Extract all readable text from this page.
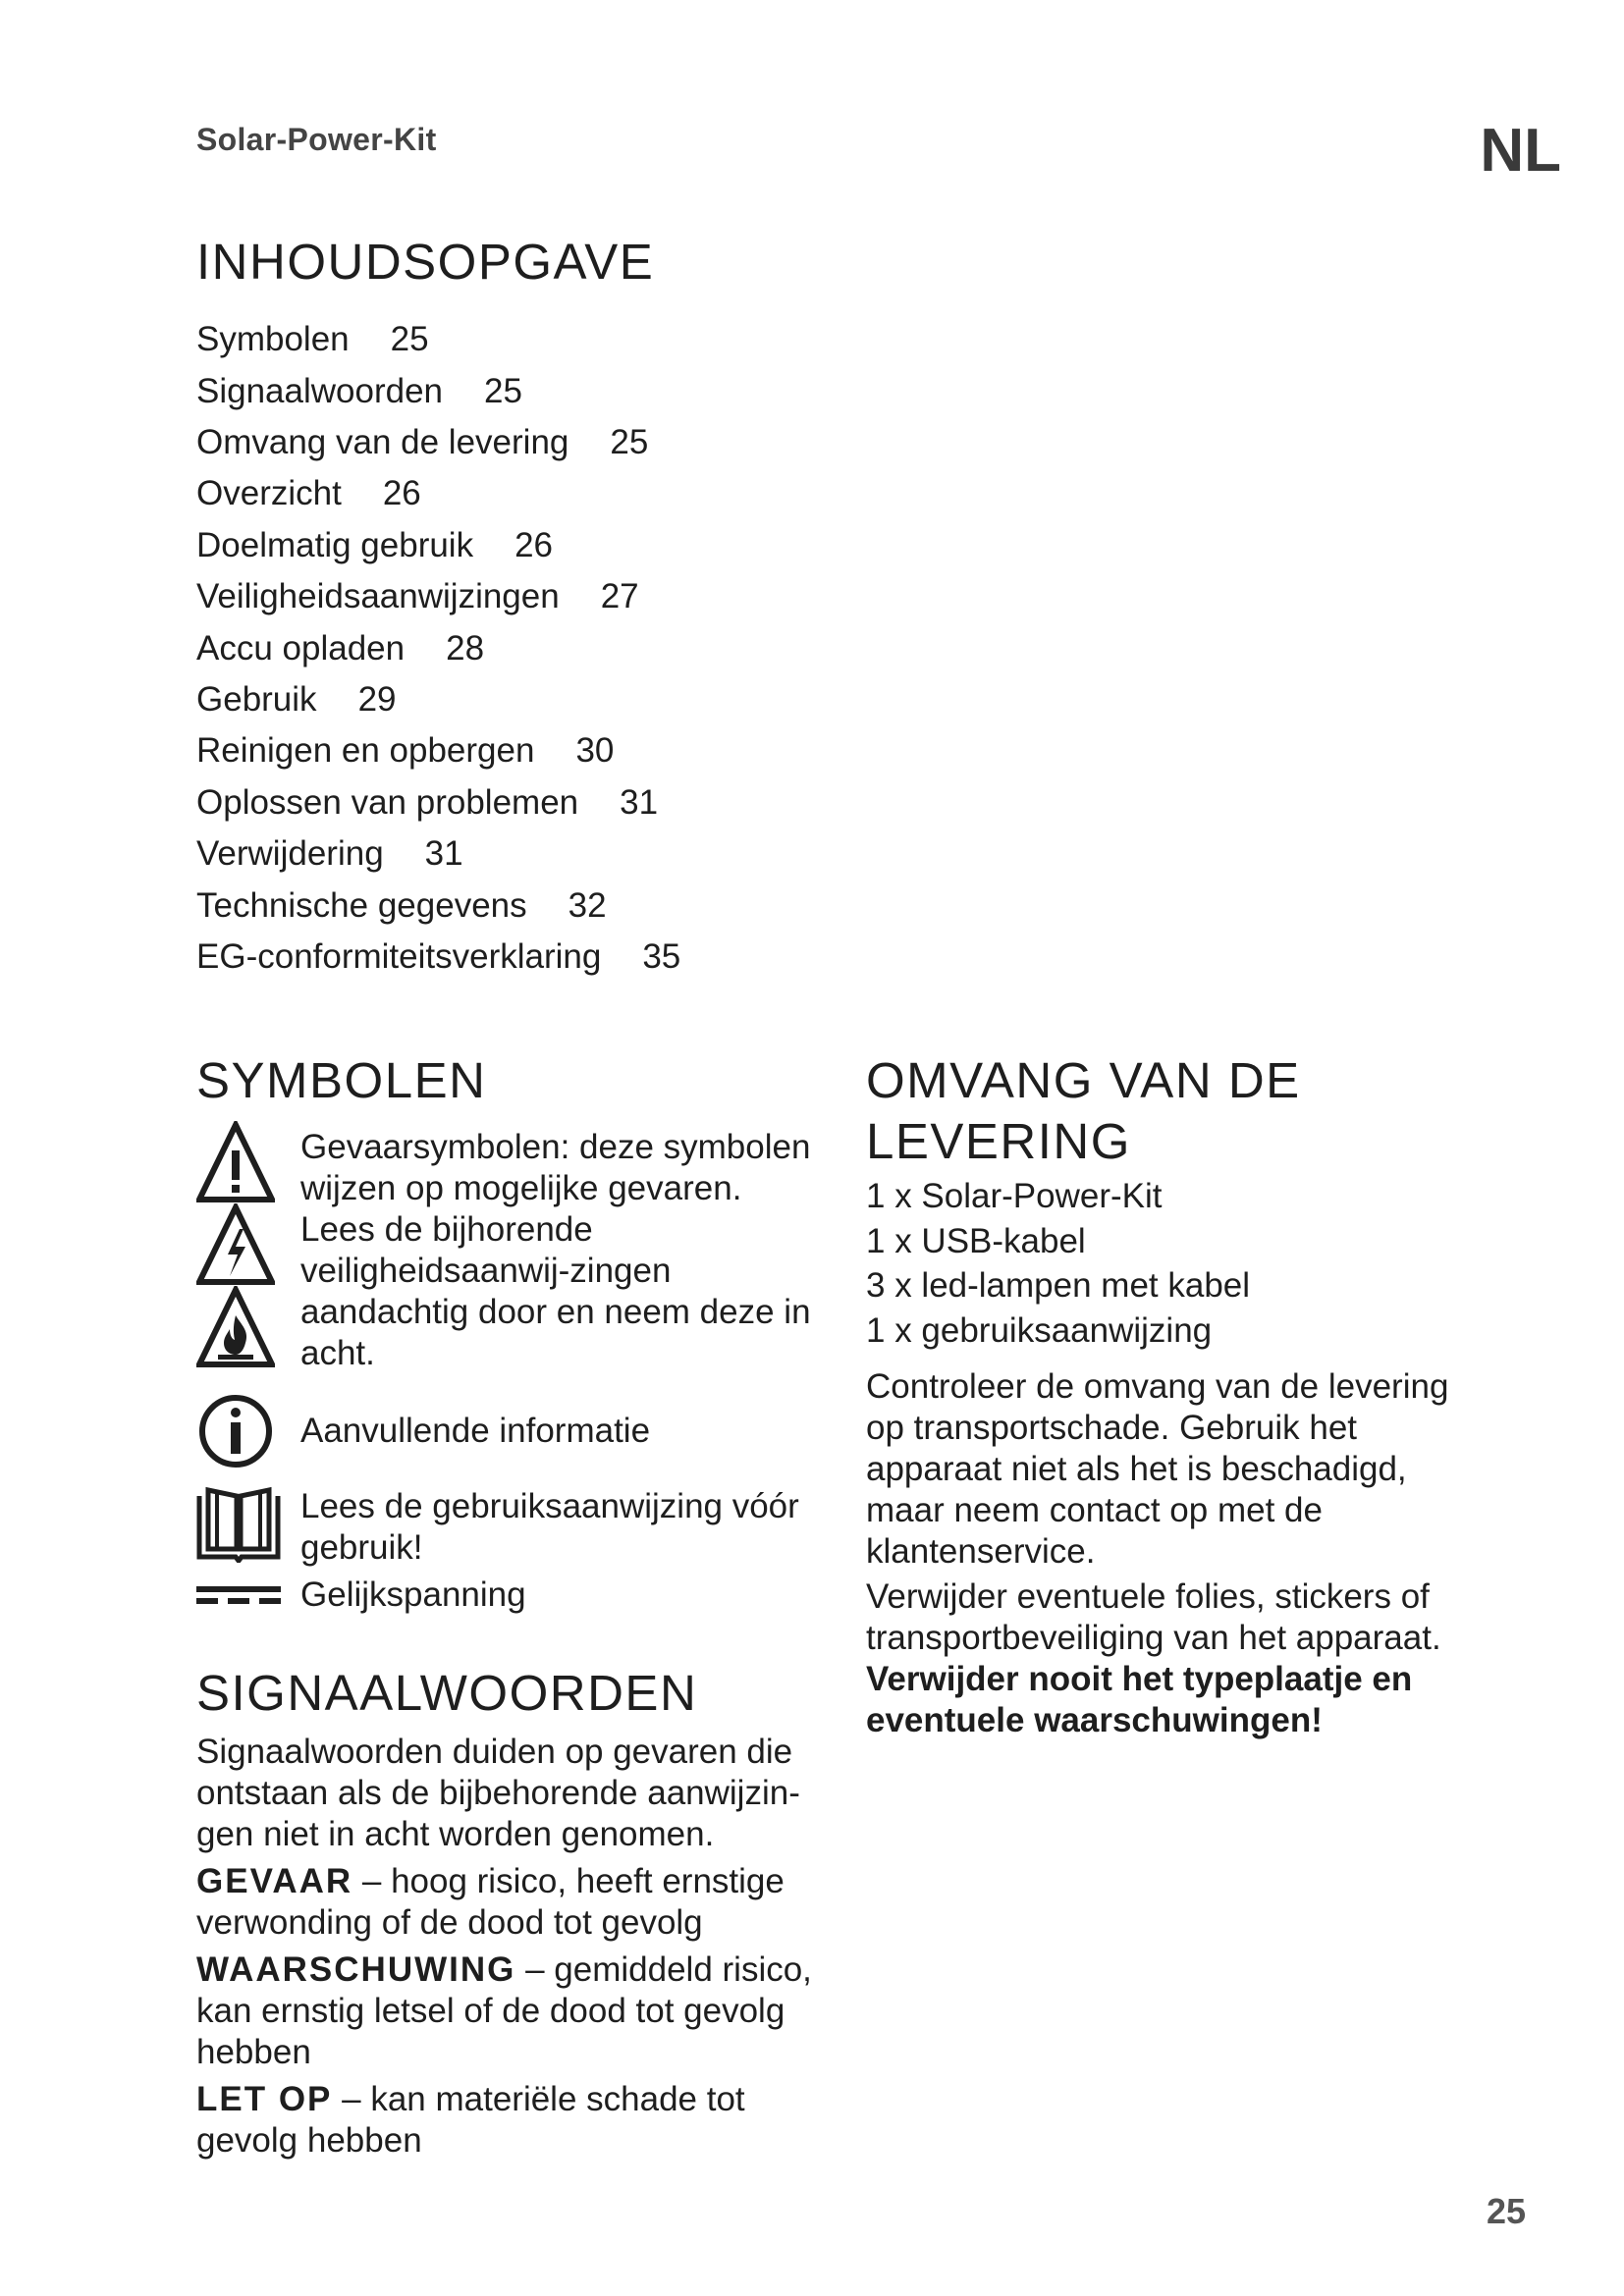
Solar-Power-Kit	NL
INHOUDSOPGAVE
Symbolen 25
Signaalwoorden 25
Omvang van de levering 25
Overzicht 26
Doelmatig gebruik 26
Veiligheidsaanwijzingen 27
Accu opladen 28
Gebruik 29
Reinigen en opbergen 30
Oplossen van problemen 31
Verwijdering 31
Technische gegevens 32
EG-conformiteitsverklaring 35
SYMBOLEN
Gevaarsymbolen: deze symbolen wijzen op mogelijke gevaren. Lees de bijhorende veiligheidsaanwij-zingen aandachtig door en neem deze in acht.
Aanvullende informatie
Lees de gebruiksaanwijzing vóór gebruik!
Gelijkspanning
SIGNAALWOORDEN

Signaalwoorden duiden op gevaren die ontstaan als de bijbehorende aanwijzin-gen niet in acht worden genomen.

GEVAAR – hoog risico, heeft ernstige verwonding of de dood tot gevolg

WAARSCHUWING – gemiddeld risico, kan ernstig letsel of de dood tot gevolg hebben

LET OP – kan materiële schade tot gevolg hebben

OMVANG VAN DE
LEVERING
1 x Solar-Power-Kit
1 x USB-kabel
3 x led-lampen met kabel
1 x gebruiksaanwijzing

Controleer de omvang van de levering op transportschade. Gebruik het apparaat niet als het is beschadigd, maar neem contact op met de klantenservice.

Verwijder eventuele folies, stickers of transportbeveiliging van het apparaat.

Verwijder nooit het typeplaatje en eventuele waarschuwingen!

25
